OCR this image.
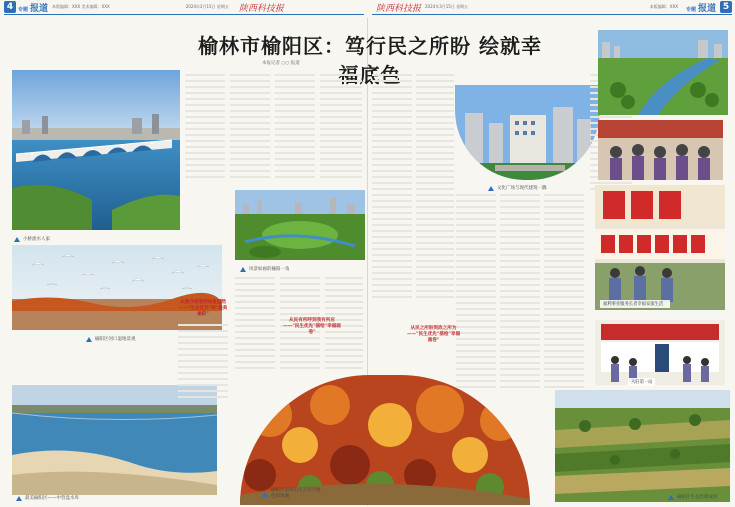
4 专题 报道 本版编辑：XXX 美术编辑：XXX	2024年3月15日 星期五 陕西科技报	陕西科技报 2024年3月15日 星期五	本版编辑：XXX 专题 报道 5
榆林市榆阳区：笃行民之所盼 绘就幸福底色
本报记者 ○○ 报道
小桥流水人家
风景如画的榆阳一角
榆阳区河口湿地景观
最美榆阳区——中营盘水库
从黄沙滚滚到绿意盎然——"生态优先"铸"最美榆阳"
从民有所呼到我有所应——"民生优先"描绘"幸福画卷"
榆阳区南郊山生万亩大地色彩斑斓
文化广场与现代建筑一隅
从民之所盼到政之所为——"民生优先"描绘"幸福画卷"
福利事业服务长者幸福安康生活
入驻第一站
榆阳区生态治理成效
